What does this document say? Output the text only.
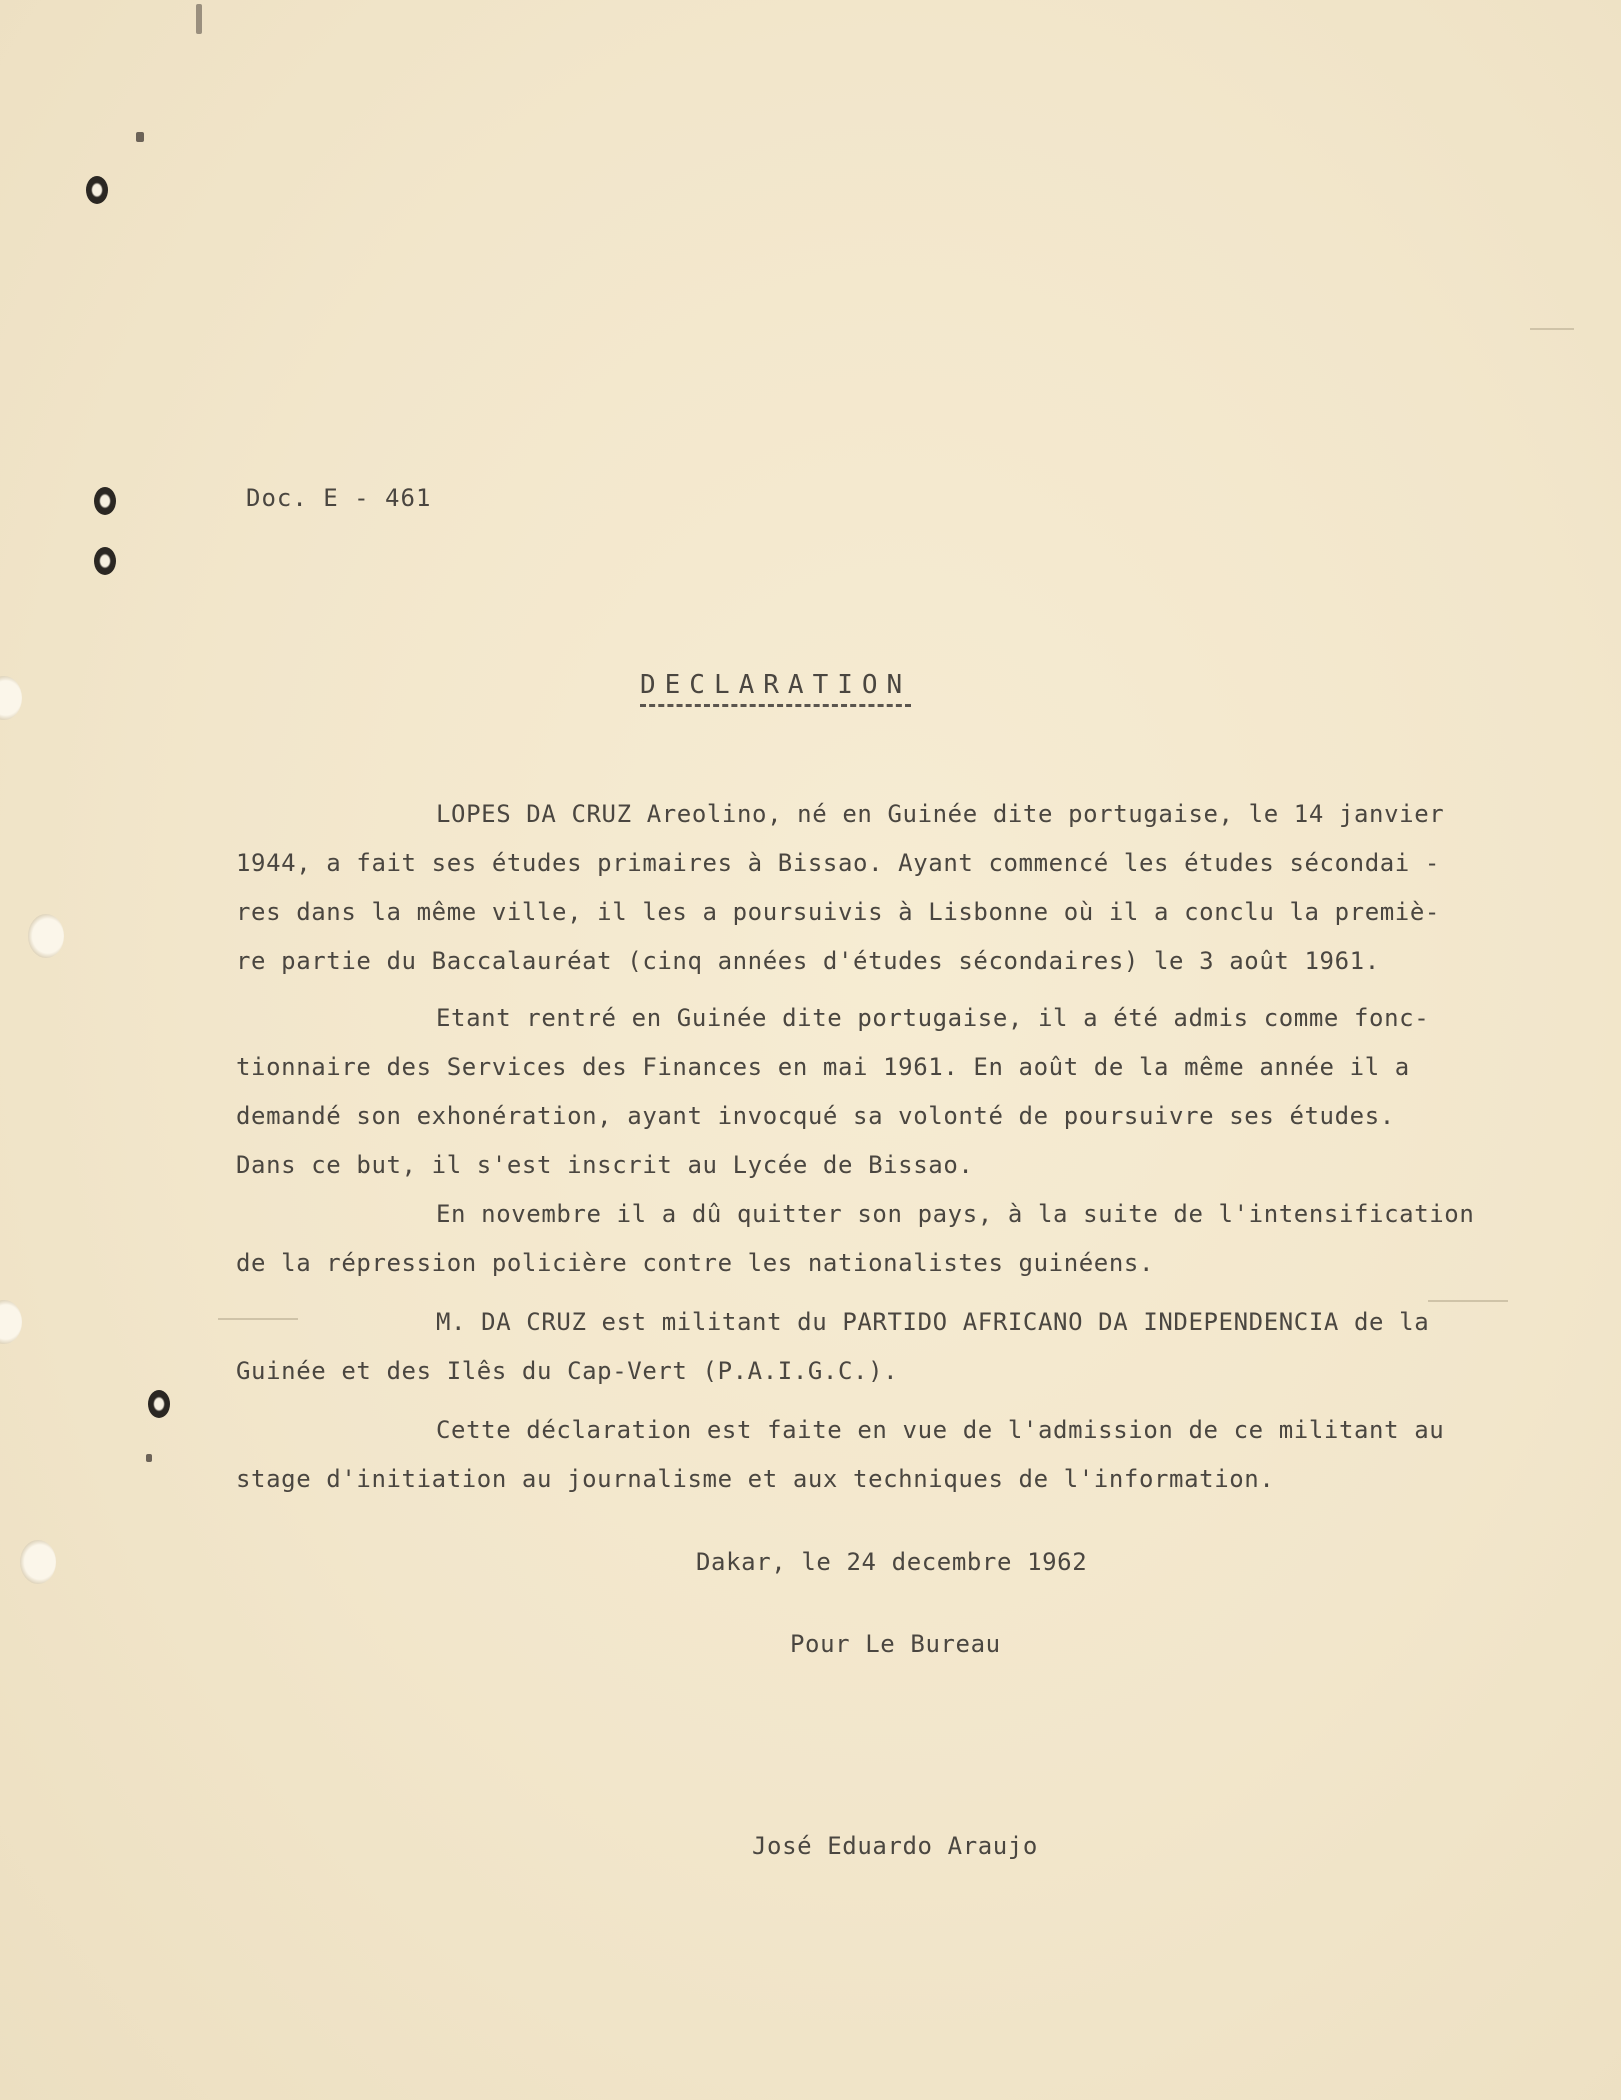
Doc. E - 461
DECLARATION

LOPES DA CRUZ Areolino, né en Guinée dite portugaise, le 14 janvier
1944, a fait ses études primaires à Bissao. Ayant commencé les études sécondai -
res dans la même ville, il les a poursuivis à Lisbonne où il a conclu la premiè-
re partie du Baccalauréat (cinq années d'études sécondaires) le 3 août 1961.

Etant rentré en Guinée dite portugaise, il a été admis comme fonc-
tionnaire des Services des Finances en mai 1961. En août de la même année il a
demandé son exhonération, ayant invocqué sa volonté de poursuivre ses études.
Dans ce but, il s'est inscrit au Lycée de Bissao.

En novembre il a dû quitter son pays, à la suite de l'intensification
de la répression policière contre les nationalistes guinéens.

M. DA CRUZ est militant du PARTIDO AFRICANO DA INDEPENDENCIA de la
Guinée et des Ilês du Cap-Vert (P.A.I.G.C.).

Cette déclaration est faite en vue de l'admission de ce militant au
stage d'initiation au journalisme et aux techniques de l'information.

Dakar, le 24 decembre 1962
Pour Le Bureau
José Eduardo Araujo
